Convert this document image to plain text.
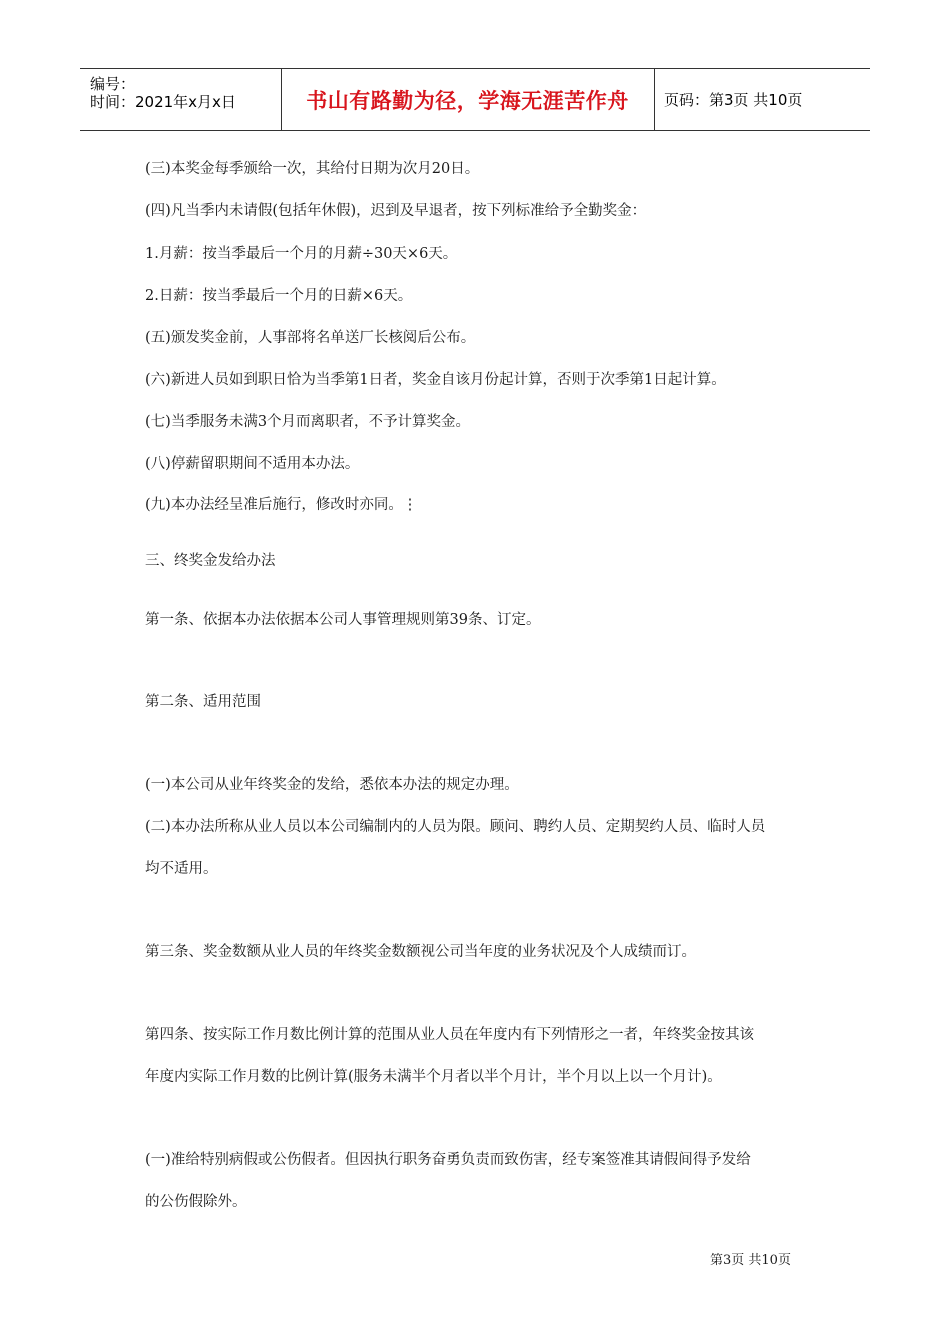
编号：
时间：2021年x月x日	书山有路勤为径，学海无涯苦作舟	页码：第3页 共10页
(三)本奖金每季颁给一次，其给付日期为次月20日。
(四)凡当季内未请假(包括年休假)，迟到及早退者，按下列标准给予全勤奖金：
1.月薪：按当季最后一个月的月薪÷30天×6天。
2.日薪：按当季最后一个月的日薪×6天。
(五)颁发奖金前，人事部将名单送厂长核阅后公布。
(六)新进人员如到职日恰为当季第1日者，奖金自该月份起计算，否则于次季第1日起计算。
(七)当季服务未满3个月而离职者，不予计算奖金。
(八)停薪留职期间不适用本办法。
(九)本办法经呈准后施行，修改时亦同。⋮
三、终奖金发给办法
第一条、依据本办法依据本公司人事管理规则第39条、订定。
第二条、适用范围
(一)本公司从业年终奖金的发给，悉依本办法的规定办理。
(二)本办法所称从业人员以本公司编制内的人员为限。顾问、聘约人员、定期契约人员、临时人员
均不适用。
第三条、奖金数额从业人员的年终奖金数额视公司当年度的业务状况及个人成绩而订。
第四条、按实际工作月数比例计算的范围从业人员在年度内有下列情形之一者，年终奖金按其该
年度内实际工作月数的比例计算(服务未满半个月者以半个月计，半个月以上以一个月计)。
(一)准给特别病假或公伤假者。但因执行职务奋勇负责而致伤害，经专案签准其请假间得予发给
的公伤假除外。
第3页 共10页
